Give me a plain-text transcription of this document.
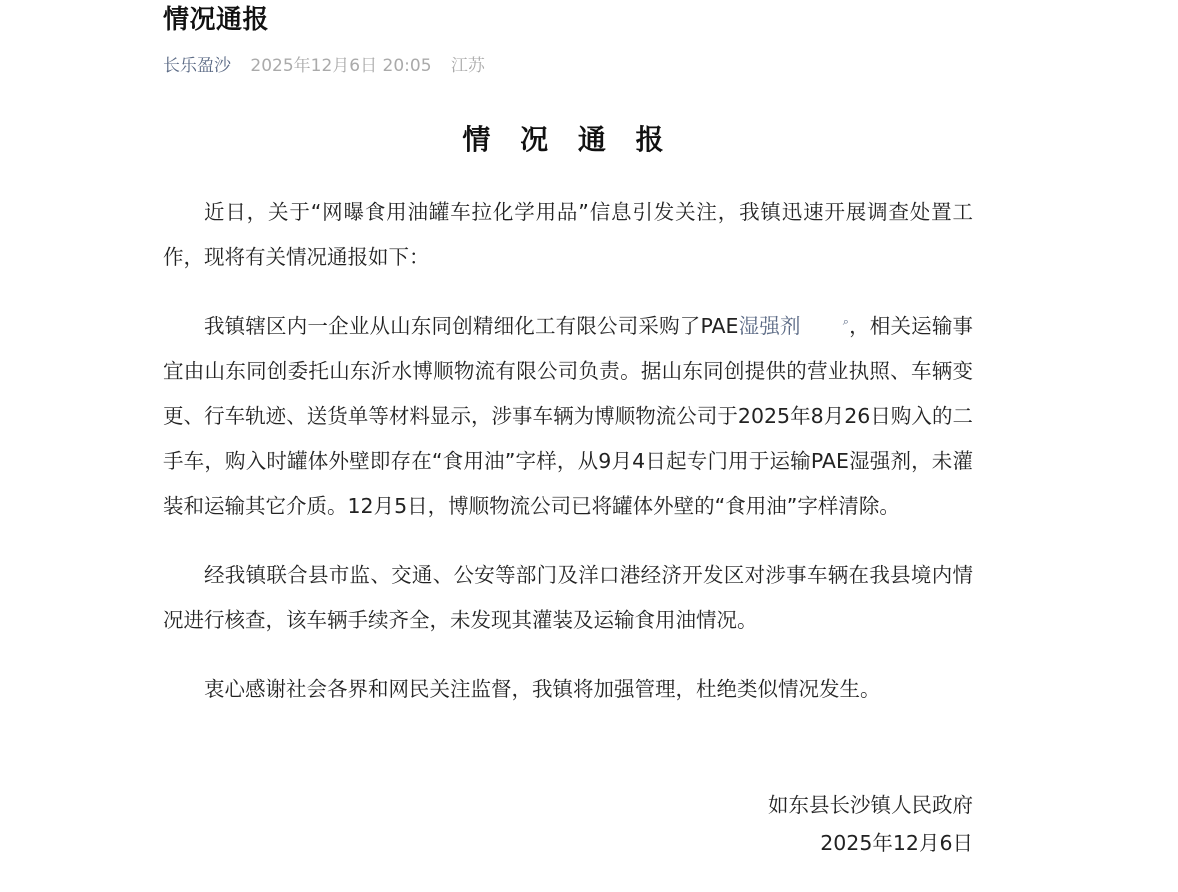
情况通报
长乐盈沙 2025年12月6日 20:05 江苏
情 况 通 报

近日，关于“网曝食用油罐车拉化学用品”信息引发关注，我镇迅速开展调查处置工作，现将有关情况通报如下：

我镇辖区内一企业从山东同创精细化工有限公司采购了PAE湿强剂	⌕，相关运输事宜由山东同创委托山东沂水博顺物流有限公司负责。据山东同创提供的营业执照、车辆变更、行车轨迹、送货单等材料显示，涉事车辆为博顺物流公司于2025年8月26日购入的二手车，购入时罐体外壁即存在“食用油”字样，从9月4日起专门用于运输PAE湿强剂，未灌装和运输其它介质。12月5日，博顺物流公司已将罐体外壁的“食用油”字样清除。

经我镇联合县市监、交通、公安等部门及洋口港经济开发区对涉事车辆在我县境内情况进行核查，该车辆手续齐全，未发现其灌装及运输食用油情况。

衷心感谢社会各界和网民关注监督，我镇将加强管理，杜绝类似情况发生。

如东县长沙镇人民政府
2025年12月6日
